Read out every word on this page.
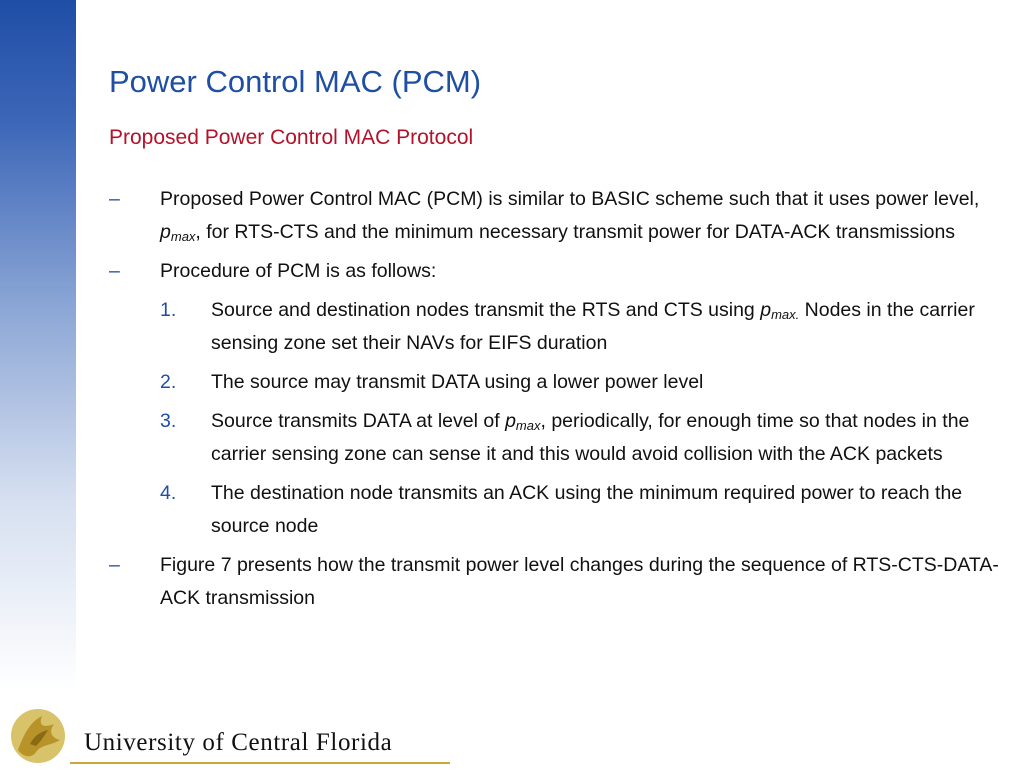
Power Control MAC (PCM)
Proposed Power Control MAC Protocol
– Proposed Power Control MAC (PCM) is similar to BASIC scheme such that it uses power level, $p_{max}$, for RTS-CTS and the minimum necessary transmit power for DATA-ACK transmissions
– Procedure of PCM is as follows:
1. Source and destination nodes transmit the RTS and CTS using $p_{max.}$ Nodes in the carrier sensing zone set their NAVs for EIFS duration
2. The source may transmit DATA using a lower power level
3. Source transmits DATA at level of $p_{max}$, periodically, for enough time so that nodes in the carrier sensing zone can sense it and this would avoid collision with the ACK packets
4. The destination node transmits an ACK using the minimum required power to reach the source node
– Figure 7 presents how the transmit power level changes during the sequence of RTS-CTS-DATA-ACK transmission
University of Central Florida
